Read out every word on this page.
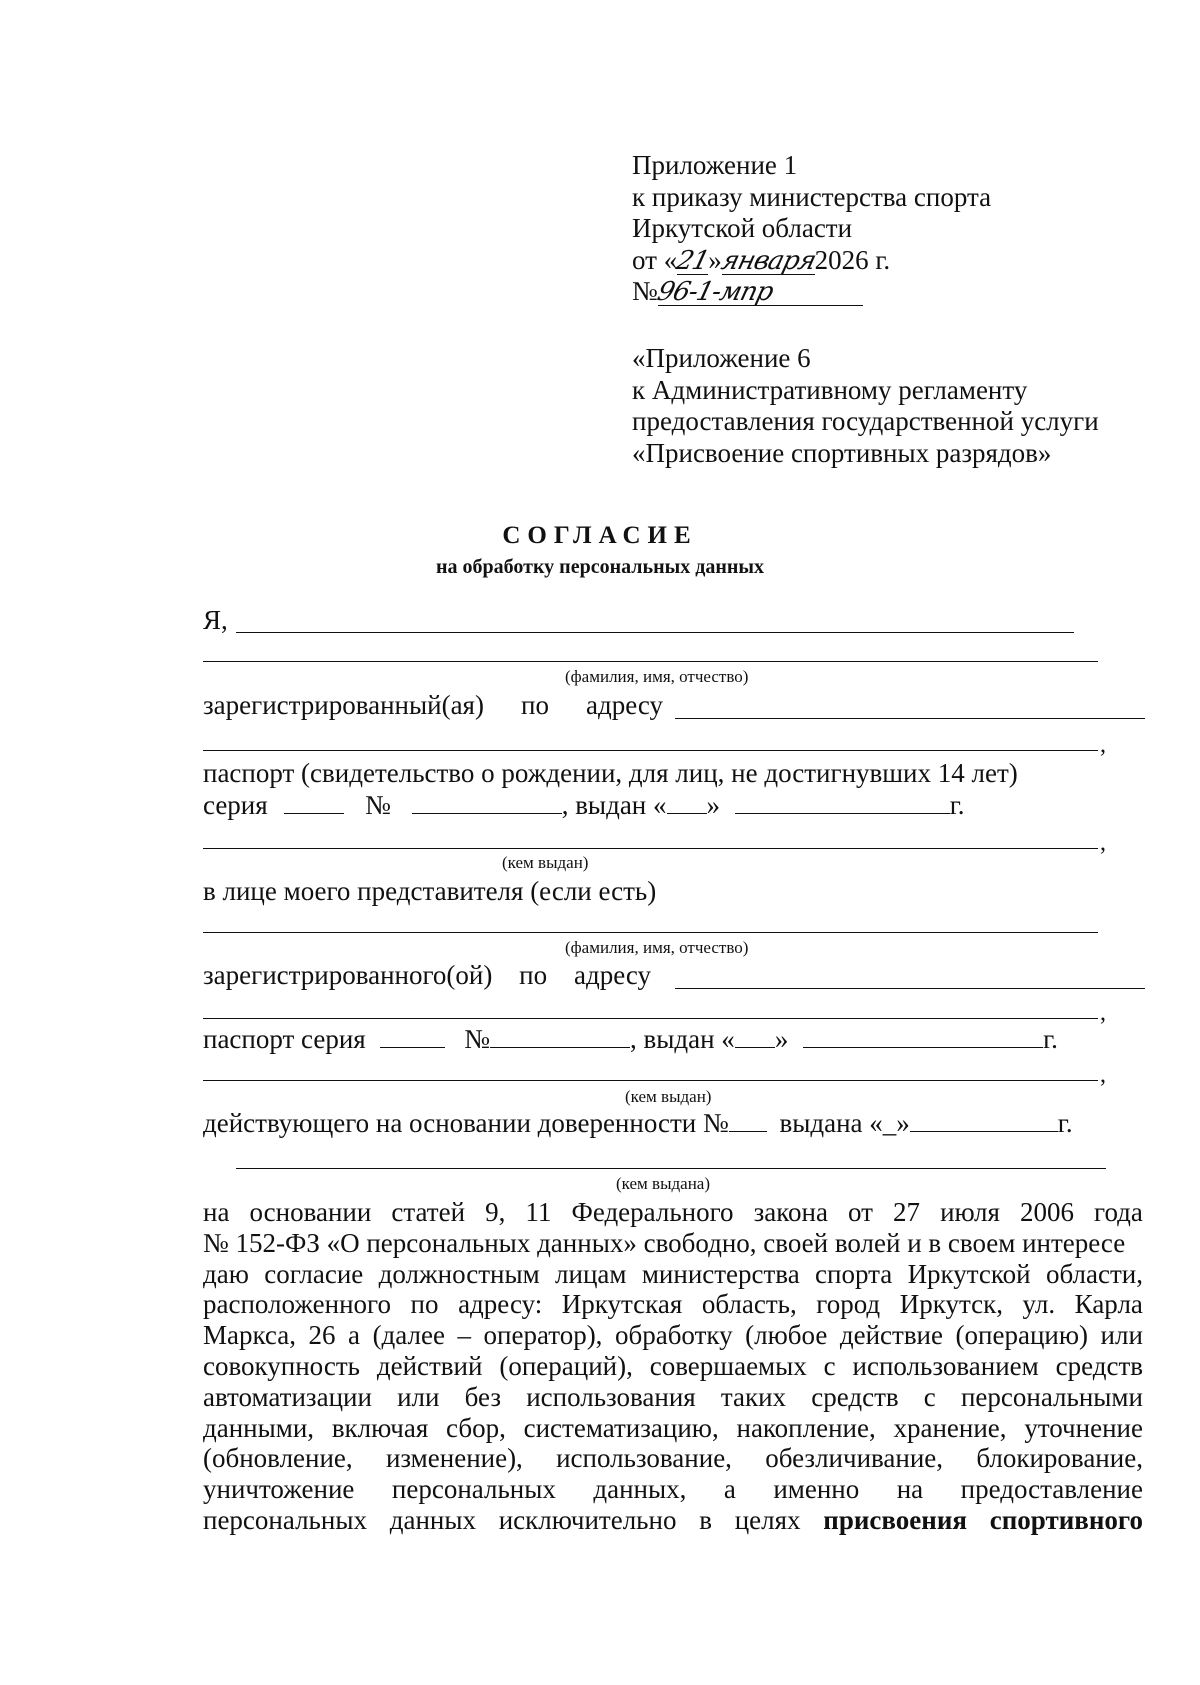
Приложение 1
к приказу министерства спорта
Иркутской области
от «21»января2026 г.
№96-1-мпр
«Приложение 6
к Административному регламенту
предоставления государственной услуги
«Присвоение спортивных разрядов»
СОГЛАСИЕ
на обработку персональных данных
Я,
(фамилия, имя, отчество)
зарегистрированный(ая) по адресу
,
паспорт (свидетельство о рождении, для лиц, не достигнувших 14 лет)
серия	№	, выдан « »	г.
,
(кем выдан)
в лице моего представителя (если есть)
(фамилия, имя, отчество)
зарегистрированного(ой) по адресу
,
паспорт серия	№	, выдан « »	г.
,
(кем выдан)
действующего на основании доверенности № выдана «_»	г.
(кем выдана)
на основании статей 9, 11 Федерального закона от 27 июля 2006 года
№ 152-ФЗ «О персональных данных» свободно, своей волей и в своем интересе
даю согласие должностным лицам министерства спорта Иркутской области,
расположенного по адресу: Иркутская область, город Иркутск, ул. Карла
Маркса, 26 а (далее – оператор), обработку (любое действие (операцию) или
совокупность действий (операций), совершаемых с использованием средств
автоматизации или без использования таких средств с персональными
данными, включая сбор, систематизацию, накопление, хранение, уточнение
(обновление, изменение), использование, обезличивание, блокирование,
уничтожение персональных данных, а именно на предоставление
персональных данных исключительно в целях присвоения спортивного
